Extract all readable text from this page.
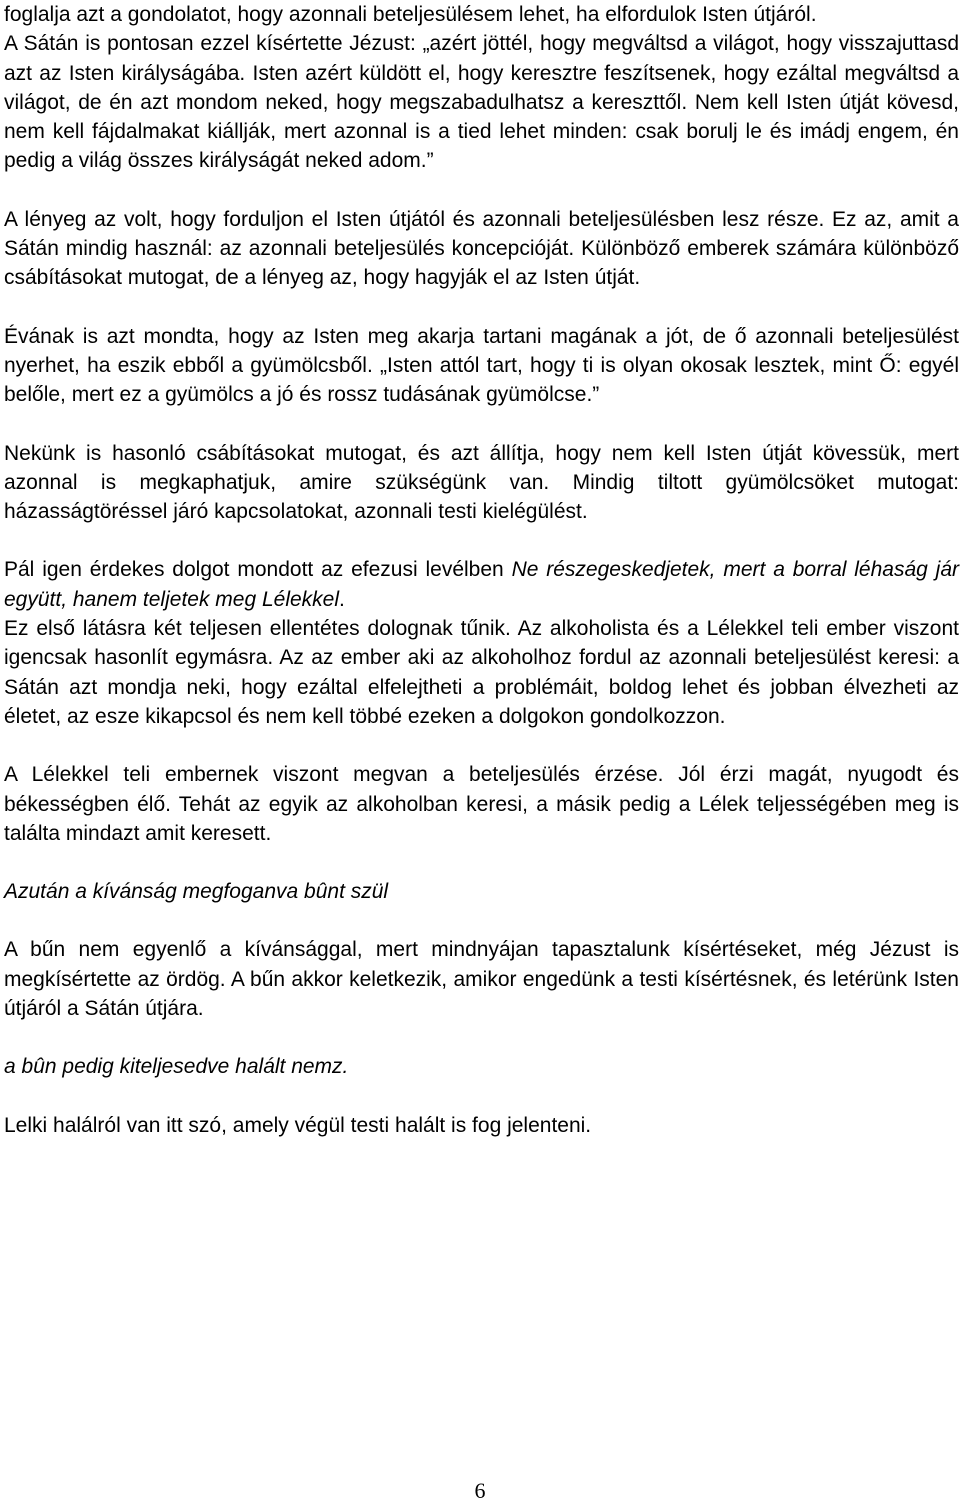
foglalja azt a gondolatot, hogy azonnali beteljesülésem lehet, ha elfordulok Isten útjáról.

A Sátán is pontosan ezzel kísértette Jézust: „azért jöttél, hogy megváltsd a világot, hogy visszajuttasd azt az Isten királyságába. Isten azért küldött el, hogy keresztre feszítsenek, hogy ezáltal megváltsd a világot, de én azt mondom neked, hogy megszabadulhatsz a kereszttől. Nem kell Isten útját kövesd, nem kell fájdalmakat kiállják, mert azonnal is a tied lehet minden: csak borulj le és imádj engem, én pedig a világ összes királyságát neked adom.”

A lényeg az volt, hogy forduljon el Isten útjától és azonnali beteljesülésben lesz része. Ez az, amit a Sátán mindig használ: az azonnali beteljesülés koncepcióját. Különböző emberek számára különböző csábításokat mutogat, de a lényeg az, hogy hagyják el az Isten útját.

Évának is azt mondta, hogy az Isten meg akarja tartani magának a jót, de ő azonnali beteljesülést nyerhet, ha eszik ebből a gyümölcsből. „Isten attól tart, hogy ti is olyan okosak lesztek, mint Ő: egyél belőle, mert ez a gyümölcs a jó és rossz tudásának gyümölcse.”

Nekünk is hasonló csábításokat mutogat, és azt állítja, hogy nem kell Isten útját kövessük, mert azonnal is megkaphatjuk, amire szükségünk van. Mindig tiltott gyümölcsöket mutogat: házasságtöréssel járó kapcsolatokat, azonnali testi kielégülést.

Pál igen érdekes dolgot mondott az efezusi levélben Ne részegeskedjetek, mert a borral léhaság jár együtt, hanem teljetek meg Lélekkel.

Ez első látásra két teljesen ellentétes dolognak tűnik. Az alkoholista és a Lélekkel teli ember viszont igencsak hasonlít egymásra. Az az ember aki az alkoholhoz fordul az azonnali beteljesülést keresi: a Sátán azt mondja neki, hogy ezáltal elfelejtheti a problémáit, boldog lehet és jobban élvezheti az életet, az esze kikapcsol és nem kell többé ezeken a dolgokon gondolkozzon.

A Lélekkel teli embernek viszont megvan a beteljesülés érzése. Jól érzi magát, nyugodt és békességben élő. Tehát az egyik az alkoholban keresi, a másik pedig a Lélek teljességében meg is találta mindazt amit keresett.

Azután a kívánság megfoganva bûnt szül

A bűn nem egyenlő a kívánsággal, mert mindnyájan tapasztalunk kísértéseket, még Jézust is megkísértette az ördög. A bűn akkor keletkezik, amikor engedünk a testi kísértésnek, és letérünk Isten útjáról a Sátán útjára.

a bûn pedig kiteljesedve halált nemz.

Lelki halálról van itt szó, amely végül testi halált is fog jelenteni.

6
